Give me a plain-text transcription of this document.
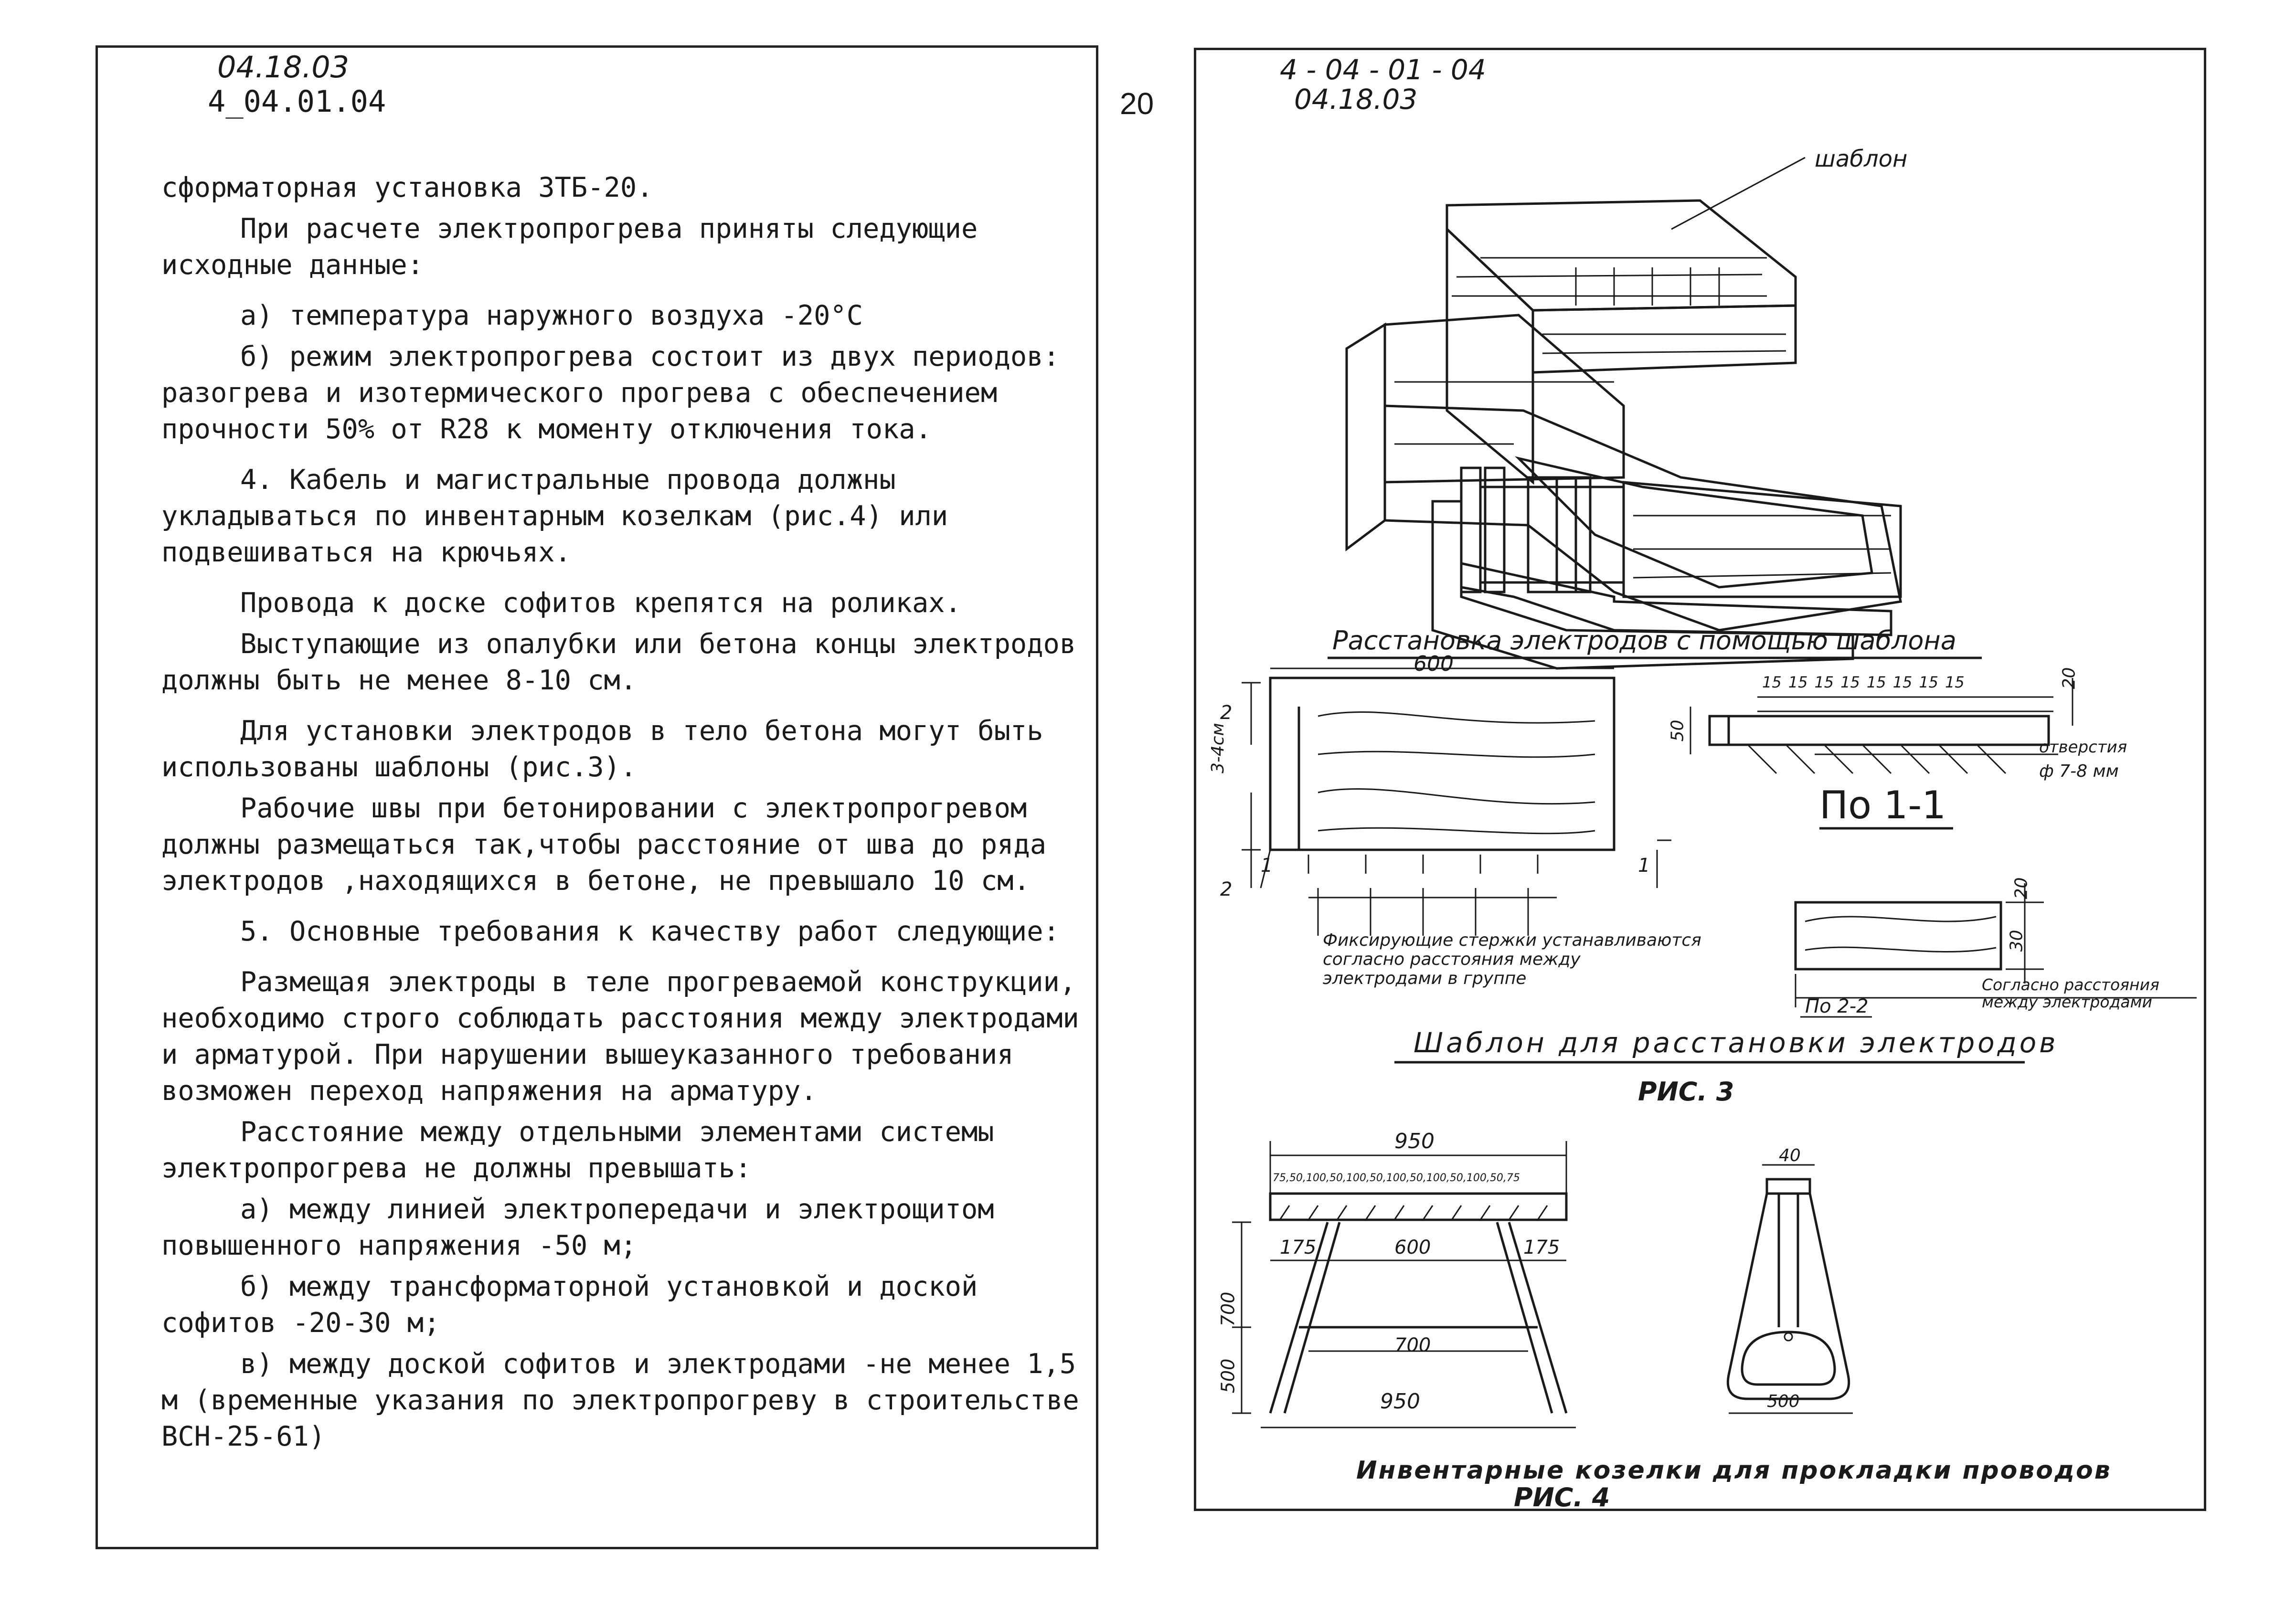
04.18.03
4_04.01.04	20

сформаторная установка ЗТБ-20.

При расчете электропрогрева приняты следующие исходные данные:

а) температура наружного воздуха -20°С

б) режим электропрогрева состоит из двух периодов: разогрева и изотермического прогрева с обеспечением прочности 50% от R28 к моменту отключения тока.

4. Кабель и магистральные провода должны укладываться по инвентарным козелкам (рис.4) или подвешиваться на крючьях.

Провода к доске софитов крепятся на роликах.

Выступающие из опалубки или бетона концы электродов должны быть не менее 8-10 см.

Для установки электродов в тело бетона могут быть использованы шаблоны (рис.3).

Рабочие швы при бетонировании с электропрогревом должны размещаться так,чтобы расстояние от шва до ряда электродов ,находящихся в бетоне, не превышало 10 см.

5. Основные требования к качеству работ следующие:

Размещая электроды в теле прогреваемой конструкции, необходимо строго соблюдать расстояния между электродами и арматурой. При нарушении вышеуказанного требования возможен переход напряжения на арматуру.

Расстояние между отдельными элементами системы электропрогрева не должны превышать:

а) между линией электропередачи и электрощитом повышенного напряжения -50 м;

б) между трансформаторной установкой и доской софитов -20-30 м;

в) между доской софитов и электродами -не менее 1,5 м (временные указания по электропрогреву в строительстве ВСН-25-61)

4 - 04 - 01 - 04
04.18.03
шаблон
Расстановка электродов с помощью шаблона
600
2
2
3-4см
1	1
Фиксирующие стержки устанавливаются согласно расстояния между электродами в группе
15 15 15 15 15 15 15 15	20
50
отверстия
ф 7-8 мм
По 1-1
20
30
По 2-2
Согласно расстояния между электродами
Шаблон для расстановки электродов
РИС. 3
950
75,50,100,50,100,50,100,50,100,50,100,50,75
175	600	175
700
500
700
950
40
500
Инвентарные козелки для прокладки проводов
РИС. 4
